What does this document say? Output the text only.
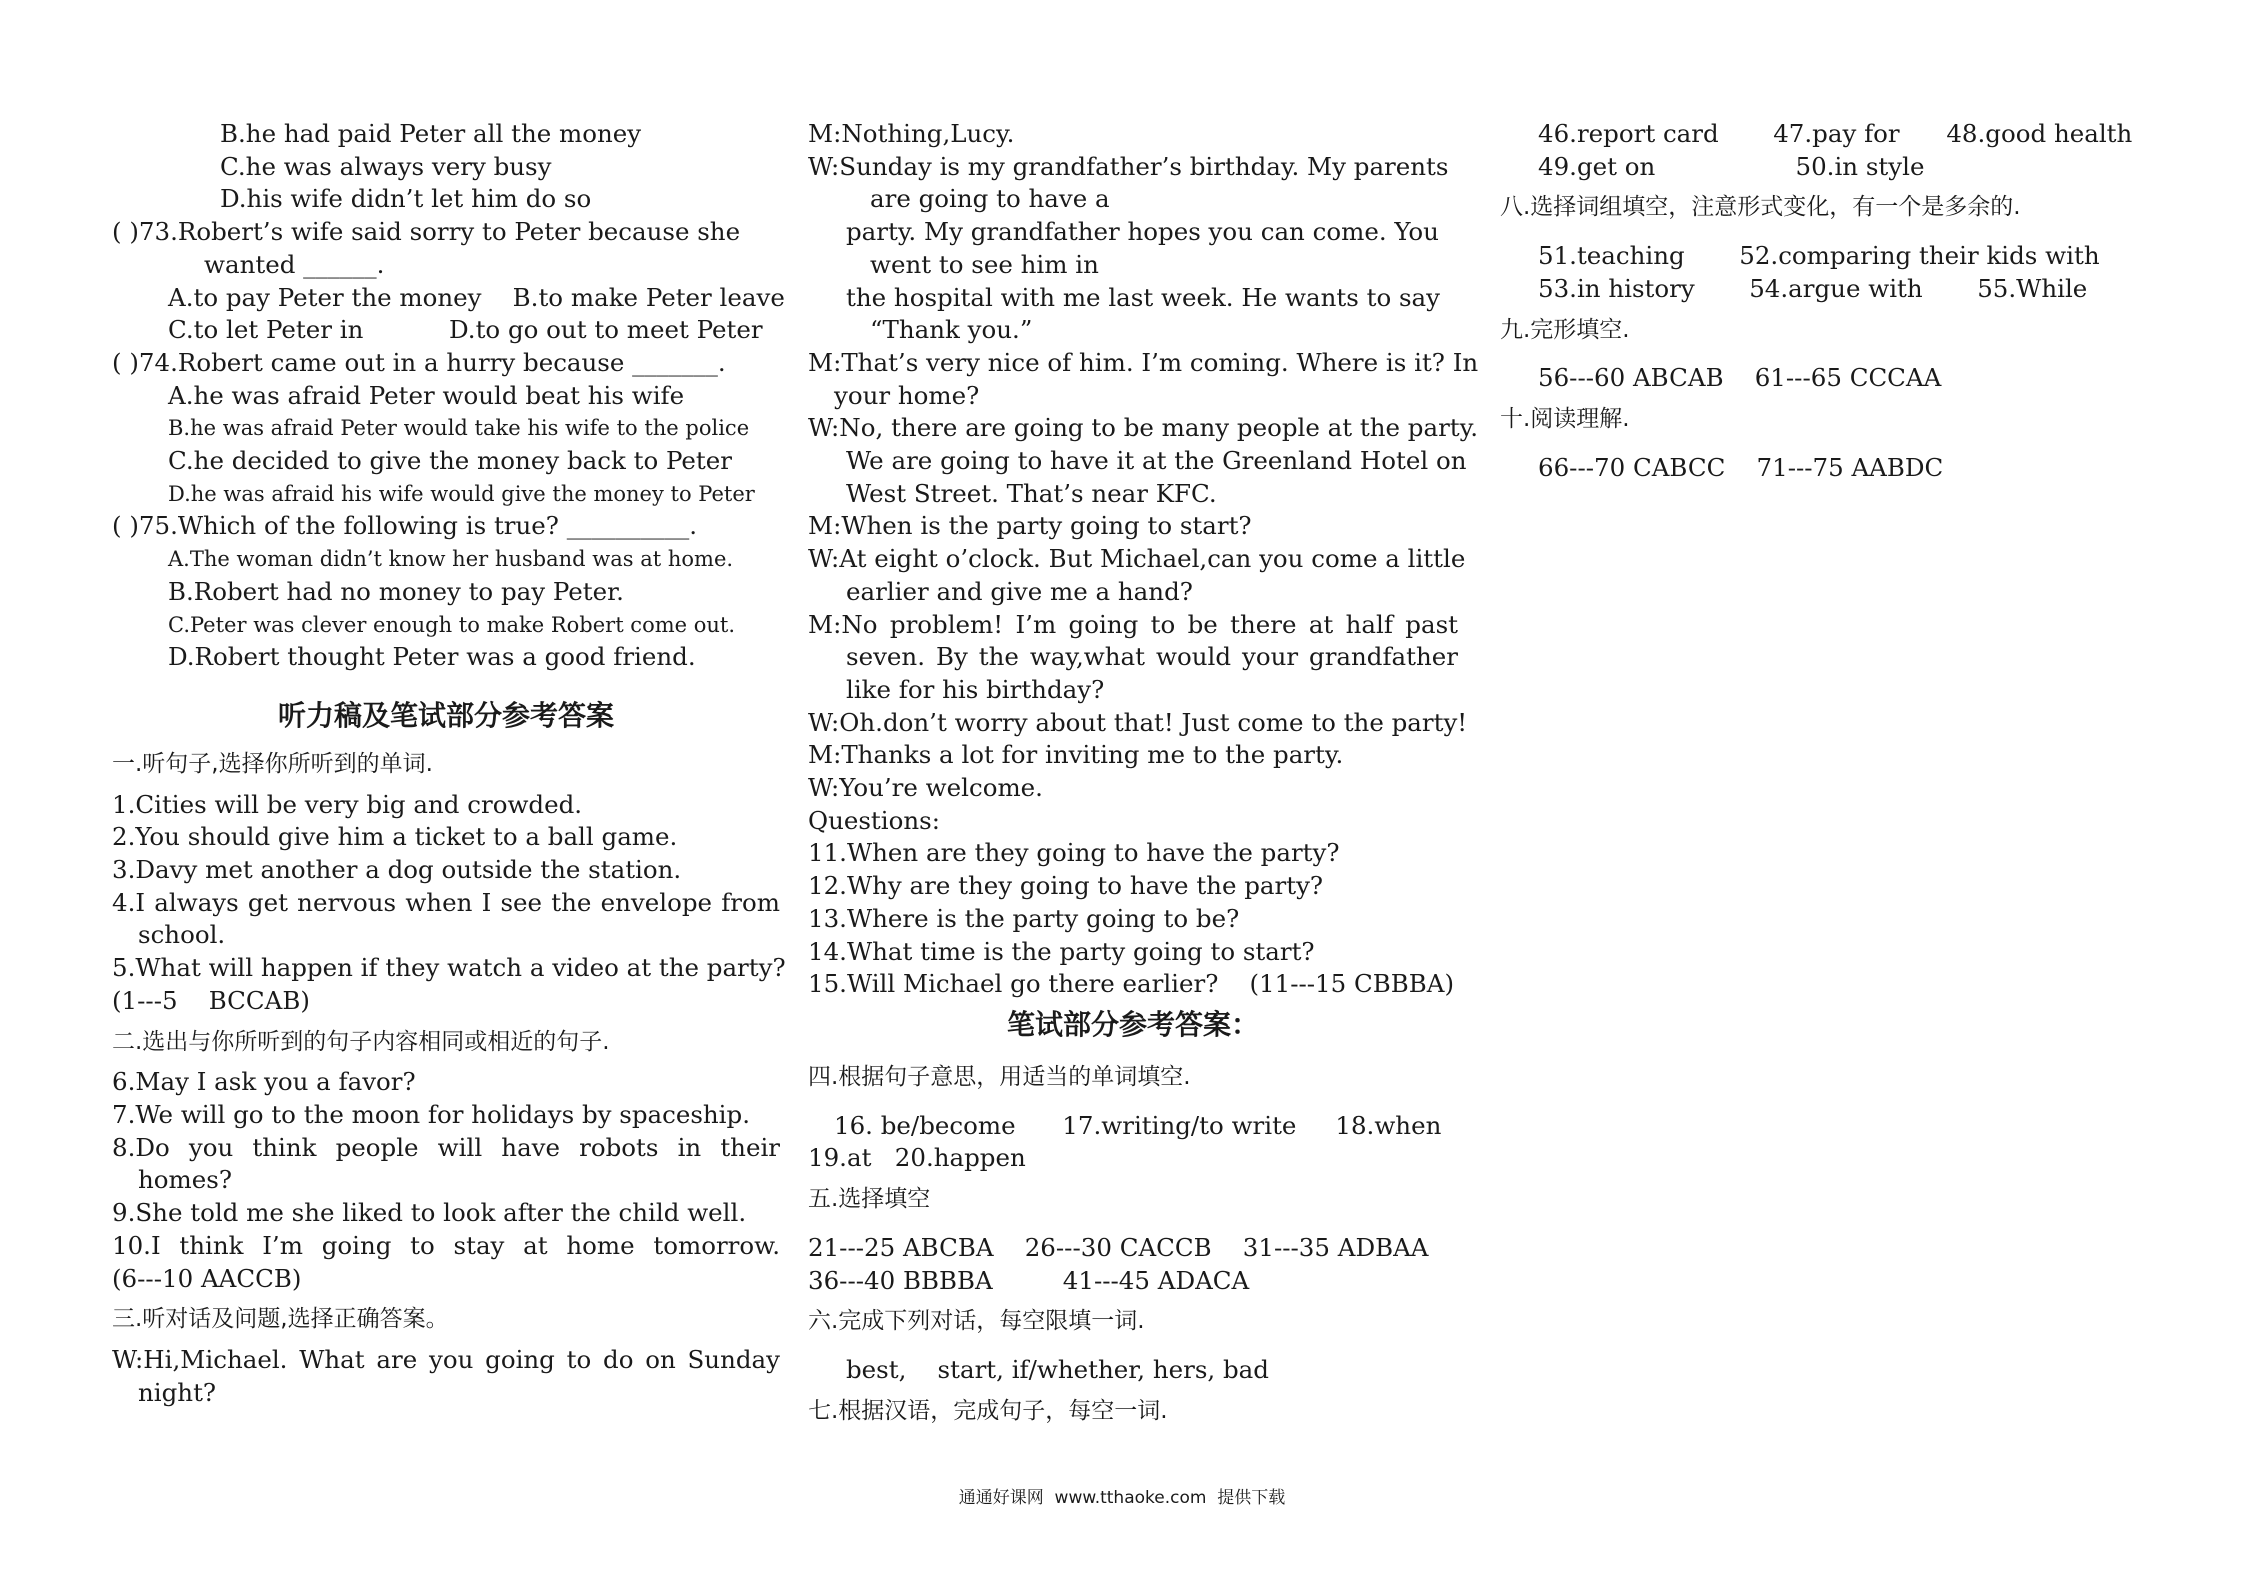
B.he had paid Peter all the money
C.he was always very busy
D.his wife didn’t let him do so
( )73.Robert’s wife said sorry to Peter because she
wanted ______.
A.to pay Peter the money    B.to make Peter leave
C.to let Peter in           D.to go out to meet Peter
( )74.Robert came out in a hurry because _______.
A.he was afraid Peter would beat his wife
B.he was afraid Peter would take his wife to the police
C.he decided to give the money back to Peter
D.he was afraid his wife would give the money to Peter
( )75.Which of the following is true? __________.
A.The woman didn’t know her husband was at home.
B.Robert had no money to pay Peter.
C.Peter was clever enough to make Robert come out.
D.Robert thought Peter was a good friend.
听力稿及笔试部分参考答案
一.听句子,选择你所听到的单词.
1.Cities will be very big and crowded.
2.You should give him a ticket to a ball game.
3.Davy met another a dog outside the station.
4.I always get nervous when I see the envelope from
school.
5.What will happen if they watch a video at the party?
(1---5    BCCAB)
二.选出与你所听到的句子内容相同或相近的句子.
6.May I ask you a favor?
7.We will go to the moon for holidays by spaceship.
8.Do you think people will have robots in their
homes?
9.She told me she liked to look after the child well.
10.I think I’m going to stay at home tomorrow.
(6---10 AACCB)
三.听对话及问题,选择正确答案。
W:Hi,Michael. What are you going to do on Sunday
night?
M:Nothing,Lucy.
W:Sunday is my grandfather’s birthday. My parents
are going to have a
party. My grandfather hopes you can come. You
went to see him in
the hospital with me last week. He wants to say
“Thank you.”
M:That’s very nice of him. I’m coming. Where is it? In
your home?
W:No, there are going to be many people at the party.
We are going to have it at the Greenland Hotel on
West Street. That’s near KFC.
M:When is the party going to start?
W:At eight o’clock. But Michael,can you come a little
earlier and give me a hand?
M:No problem! I’m going to be there at half past
seven. By the way,what would your grandfather
like for his birthday?
W:Oh.don’t worry about that! Just come to the party!
M:Thanks a lot for inviting me to the party.
W:You’re welcome.
Questions:
11.When are they going to have the party?
12.Why are they going to have the party?
13.Where is the party going to be?
14.What time is the party going to start?
15.Will Michael go there earlier?    (11---15 CBBBA)
笔试部分参考答案：
四.根据句子意思，用适当的单词填空.
16. be/become      17.writing/to write     18.when
19.at   20.happen
五.选择填空
21---25 ABCBA    26---30 CACCB    31---35 ADBAA
36---40 BBBBA         41---45 ADACA
六.完成下列对话，每空限填一词.
best,    start, if/whether, hers, bad
七.根据汉语，完成句子，每空一词.
46.report card       47.pay for      48.good health
49.get on                  50.in style
八.选择词组填空，注意形式变化，有一个是多余的.
51.teaching       52.comparing their kids with
53.in history       54.argue with       55.While
九.完形填空.
56---60 ABCAB    61---65 CCCAA
十.阅读理解.
66---70 CABCC    71---75 AABDC
通通好课网  www.tthaoke.com  提供下载
